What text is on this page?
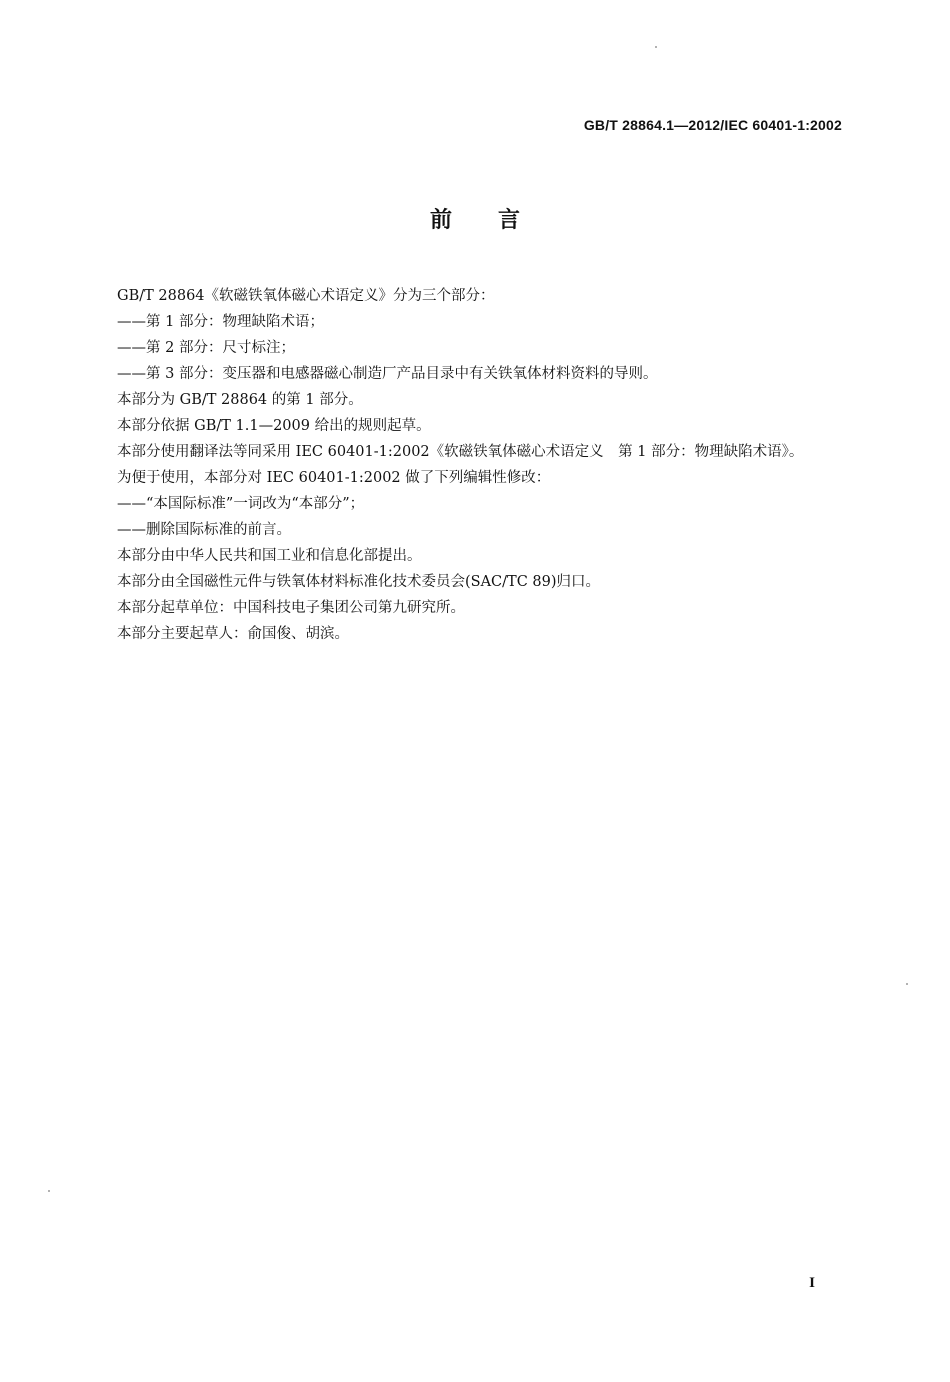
GB/T 28864.1—2012/IEC 60401-1:2002
前言

GB/T 28864《软磁铁氧体磁心术语定义》分为三个部分：

——第 1 部分：物理缺陷术语；

——第 2 部分：尺寸标注；

——第 3 部分：变压器和电感器磁心制造厂产品目录中有关铁氧体材料资料的导则。

本部分为 GB/T 28864 的第 1 部分。

本部分依据 GB/T 1.1—2009 给出的规则起草。

本部分使用翻译法等同采用 IEC 60401-1:2002《软磁铁氧体磁心术语定义　第 1 部分：物理缺陷术语》。

为便于使用，本部分对 IEC 60401-1:2002 做了下列编辑性修改：

——“本国际标准”一词改为“本部分”；

——删除国际标准的前言。

本部分由中华人民共和国工业和信息化部提出。

本部分由全国磁性元件与铁氧体材料标准化技术委员会(SAC/TC 89)归口。

本部分起草单位：中国科技电子集团公司第九研究所。

本部分主要起草人：俞国俊、胡滨。

I
